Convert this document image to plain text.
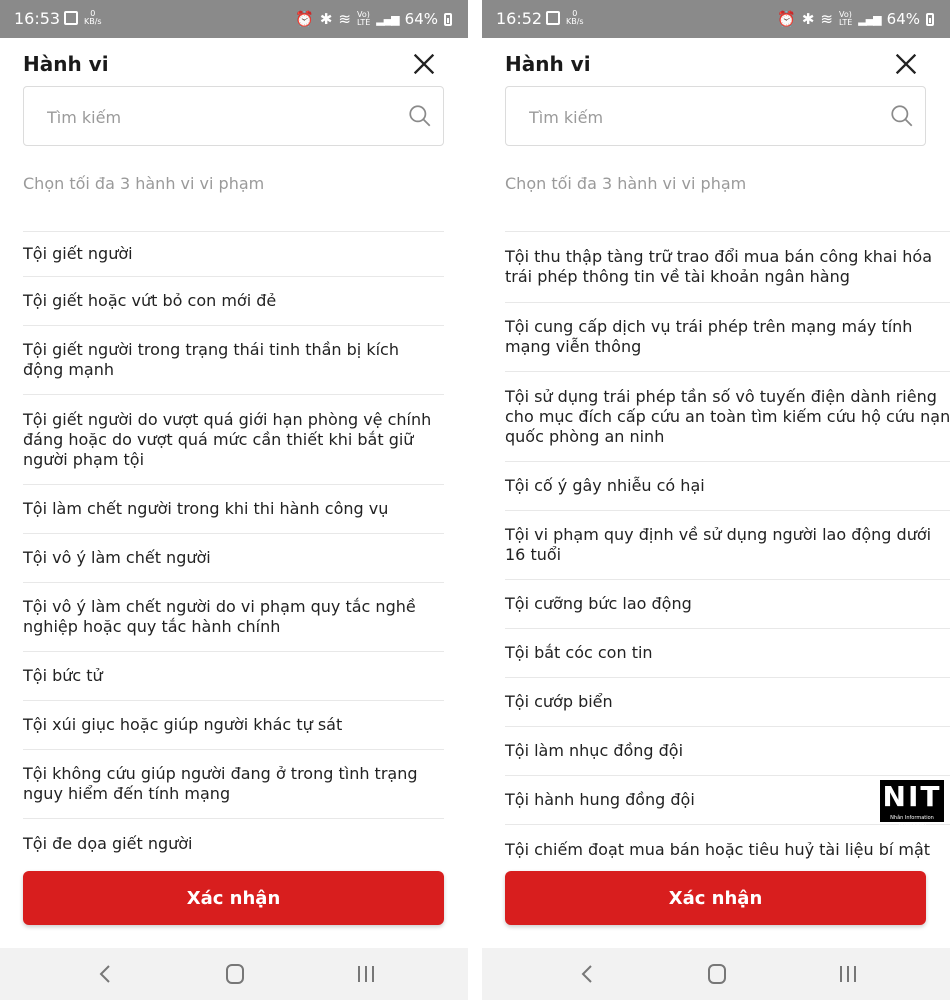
16:53	0
KB/s	⏰ ✱ ≋ Vo)
LTE ▂▄▆ 64%
Hành vi
Tìm kiếm
Chọn tối đa 3 hành vi vi phạm
Tội giết người
Tội giết hoặc vứt bỏ con mới đẻ
Tội giết người trong trạng thái tinh thần bị kích động mạnh
Tội giết người do vượt quá giới hạn phòng vệ chính đáng hoặc do vượt quá mức cần thiết khi bắt giữ người phạm tội
Tội làm chết người trong khi thi hành công vụ
Tội vô ý làm chết người
Tội vô ý làm chết người do vi phạm quy tắc nghề nghiệp hoặc quy tắc hành chính
Tội bức tử
Tội xúi giục hoặc giúp người khác tự sát
Tội không cứu giúp người đang ở trong tình trạng nguy hiểm đến tính mạng
Tội đe dọa giết người
Xác nhận
16:52	0
KB/s	⏰ ✱ ≋ Vo)
LTE ▂▄▆ 64%
Hành vi
Tìm kiếm
Chọn tối đa 3 hành vi vi phạm
Tội thu thập tàng trữ trao đổi mua bán công khai hóa trái phép thông tin về tài khoản ngân hàng
Tội cung cấp dịch vụ trái phép trên mạng máy tính mạng viễn thông
Tội sử dụng trái phép tần số vô tuyến điện dành riêng cho mục đích cấp cứu an toàn tìm kiếm cứu hộ cứu nạn quốc phòng an ninh
Tội cố ý gây nhiễu có hại
Tội vi phạm quy định về sử dụng người lao động dưới 16 tuổi
Tội cưỡng bức lao động
Tội bắt cóc con tin
Tội cướp biển
Tội làm nhục đồng đội
Tội hành hung đồng đội
Tội chiếm đoạt mua bán hoặc tiêu huỷ tài liệu bí mật
Xác nhận
NIT
Nhân Information Technology
